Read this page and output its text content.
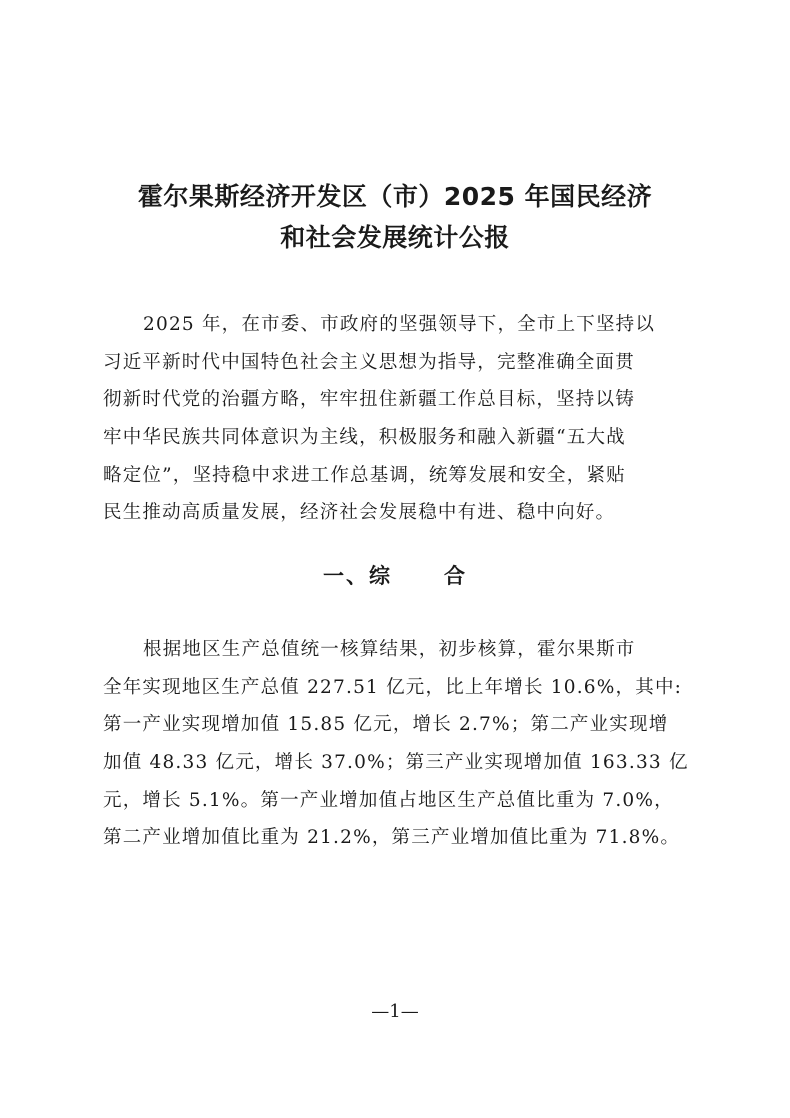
霍尔果斯经济开发区（市）2025 年国民经济
和社会发展统计公报
2025 年，在市委、市政府的坚强领导下，全市上下坚持以
习近平新时代中国特色社会主义思想为指导，完整准确全面贯
彻新时代党的治疆方略，牢牢扭住新疆工作总目标，坚持以铸
牢中华民族共同体意识为主线，积极服务和融入新疆“五大战
略定位”，坚持稳中求进工作总基调，统筹发展和安全，紧贴
民生推动高质量发展，经济社会发展稳中有进、稳中向好。
一、综 合
根据地区生产总值统一核算结果，初步核算，霍尔果斯市
全年实现地区生产总值 227.51 亿元，比上年增长 10.6%，其中:
第一产业实现增加值 15.85 亿元，增长 2.7%；第二产业实现增
加值 48.33 亿元，增长 37.0%；第三产业实现增加值 163.33 亿
元，增长 5.1%。第一产业增加值占地区生产总值比重为 7.0%，
第二产业增加值比重为 21.2%，第三产业增加值比重为 71.8%。
—1—
